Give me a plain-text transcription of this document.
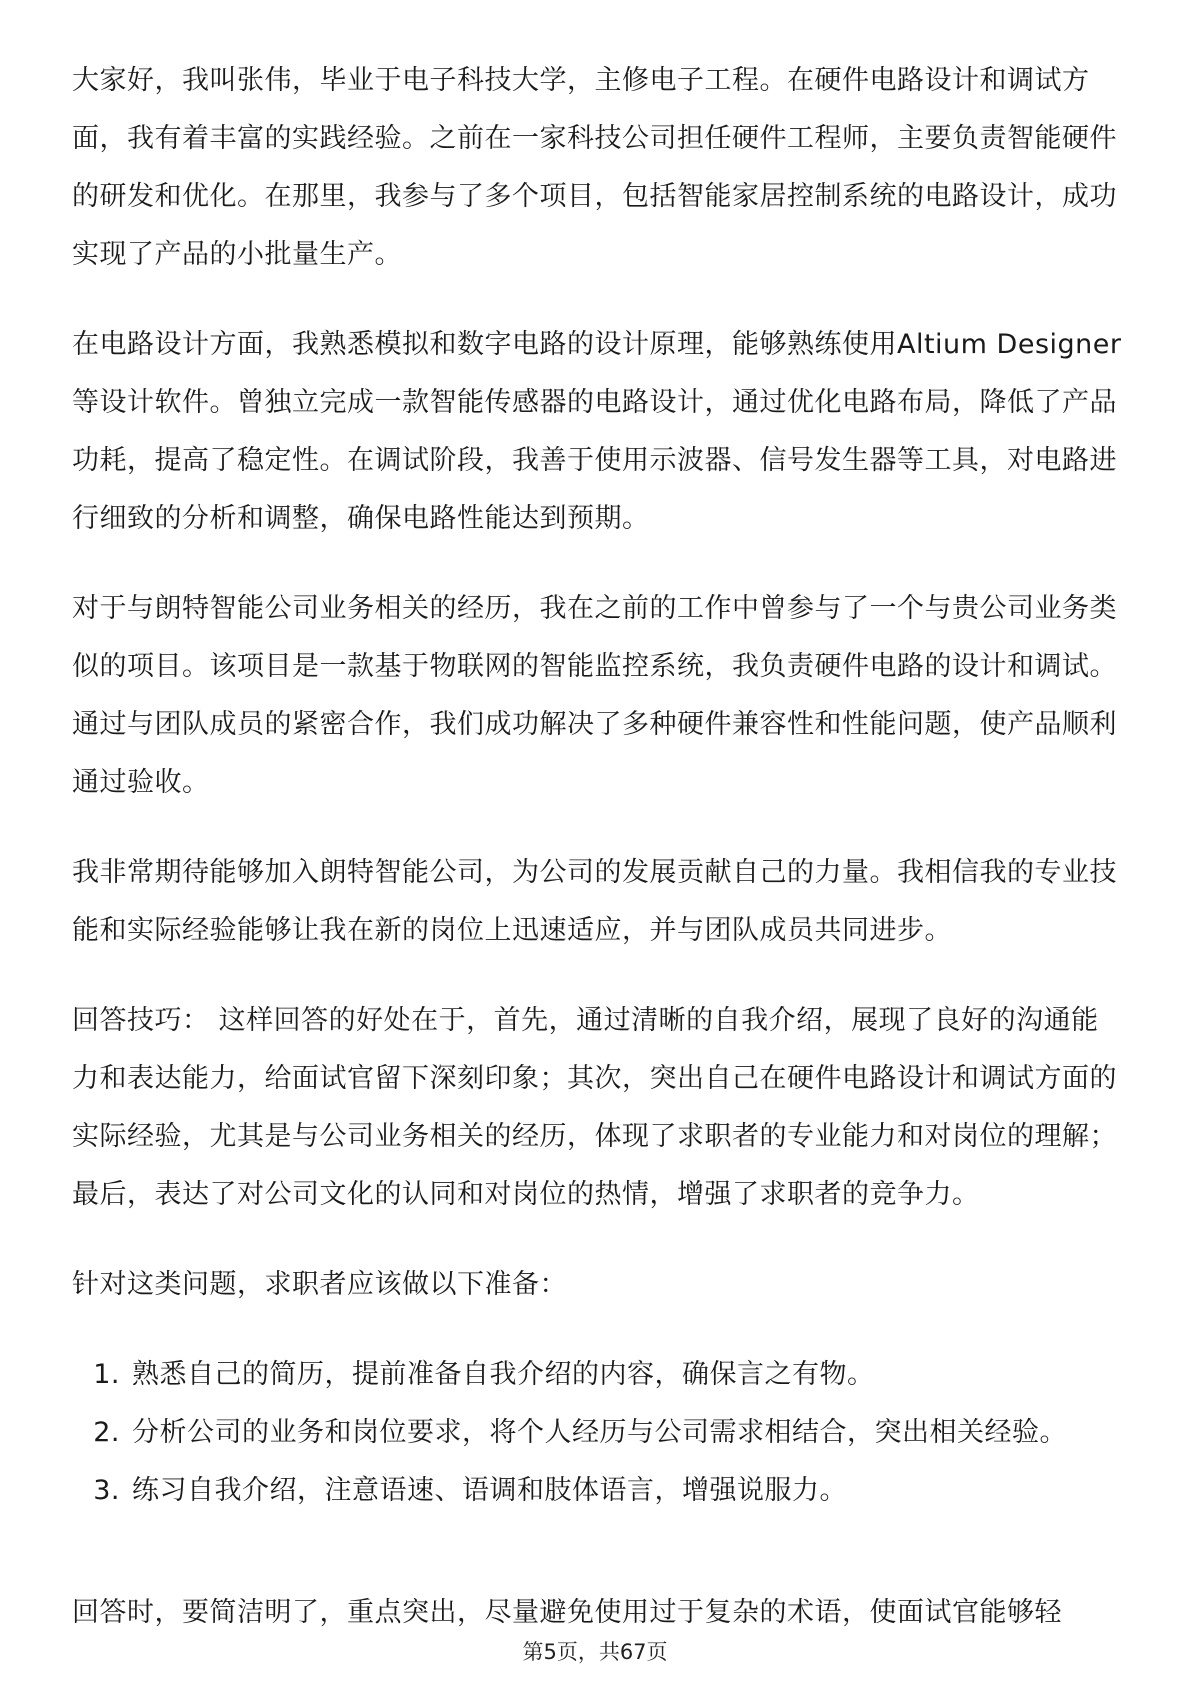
大家好，我叫张伟，毕业于电子科技大学，主修电子工程。在硬件电路设计和调试方面，我有着丰富的实践经验。之前在一家科技公司担任硬件工程师，主要负责智能硬件的研发和优化。在那里，我参与了多个项目，包括智能家居控制系统的电路设计，成功实现了产品的小批量生产。

在电路设计方面，我熟悉模拟和数字电路的设计原理，能够熟练使用Altium Designer等设计软件。曾独立完成一款智能传感器的电路设计，通过优化电路布局，降低了产品功耗，提高了稳定性。在调试阶段，我善于使用示波器、信号发生器等工具，对电路进行细致的分析和调整，确保电路性能达到预期。

对于与朗特智能公司业务相关的经历，我在之前的工作中曾参与了一个与贵公司业务类似的项目。该项目是一款基于物联网的智能监控系统，我负责硬件电路的设计和调试。通过与团队成员的紧密合作，我们成功解决了多种硬件兼容性和性能问题，使产品顺利通过验收。

我非常期待能够加入朗特智能公司，为公司的发展贡献自己的力量。我相信我的专业技能和实际经验能够让我在新的岗位上迅速适应，并与团队成员共同进步。

回答技巧： 这样回答的好处在于，首先，通过清晰的自我介绍，展现了良好的沟通能力和表达能力，给面试官留下深刻印象；其次，突出自己在硬件电路设计和调试方面的实际经验，尤其是与公司业务相关的经历，体现了求职者的专业能力和对岗位的理解；最后，表达了对公司文化的认同和对岗位的热情，增强了求职者的竞争力。

针对这类问题，求职者应该做以下准备：

1. 熟悉自己的简历，提前准备自我介绍的内容，确保言之有物。
2. 分析公司的业务和岗位要求，将个人经历与公司需求相结合，突出相关经验。
3. 练习自我介绍，注意语速、语调和肢体语言，增强说服力。

回答时，要简洁明了，重点突出，尽量避免使用过于复杂的术语，使面试官能够轻

第5页，共67页
